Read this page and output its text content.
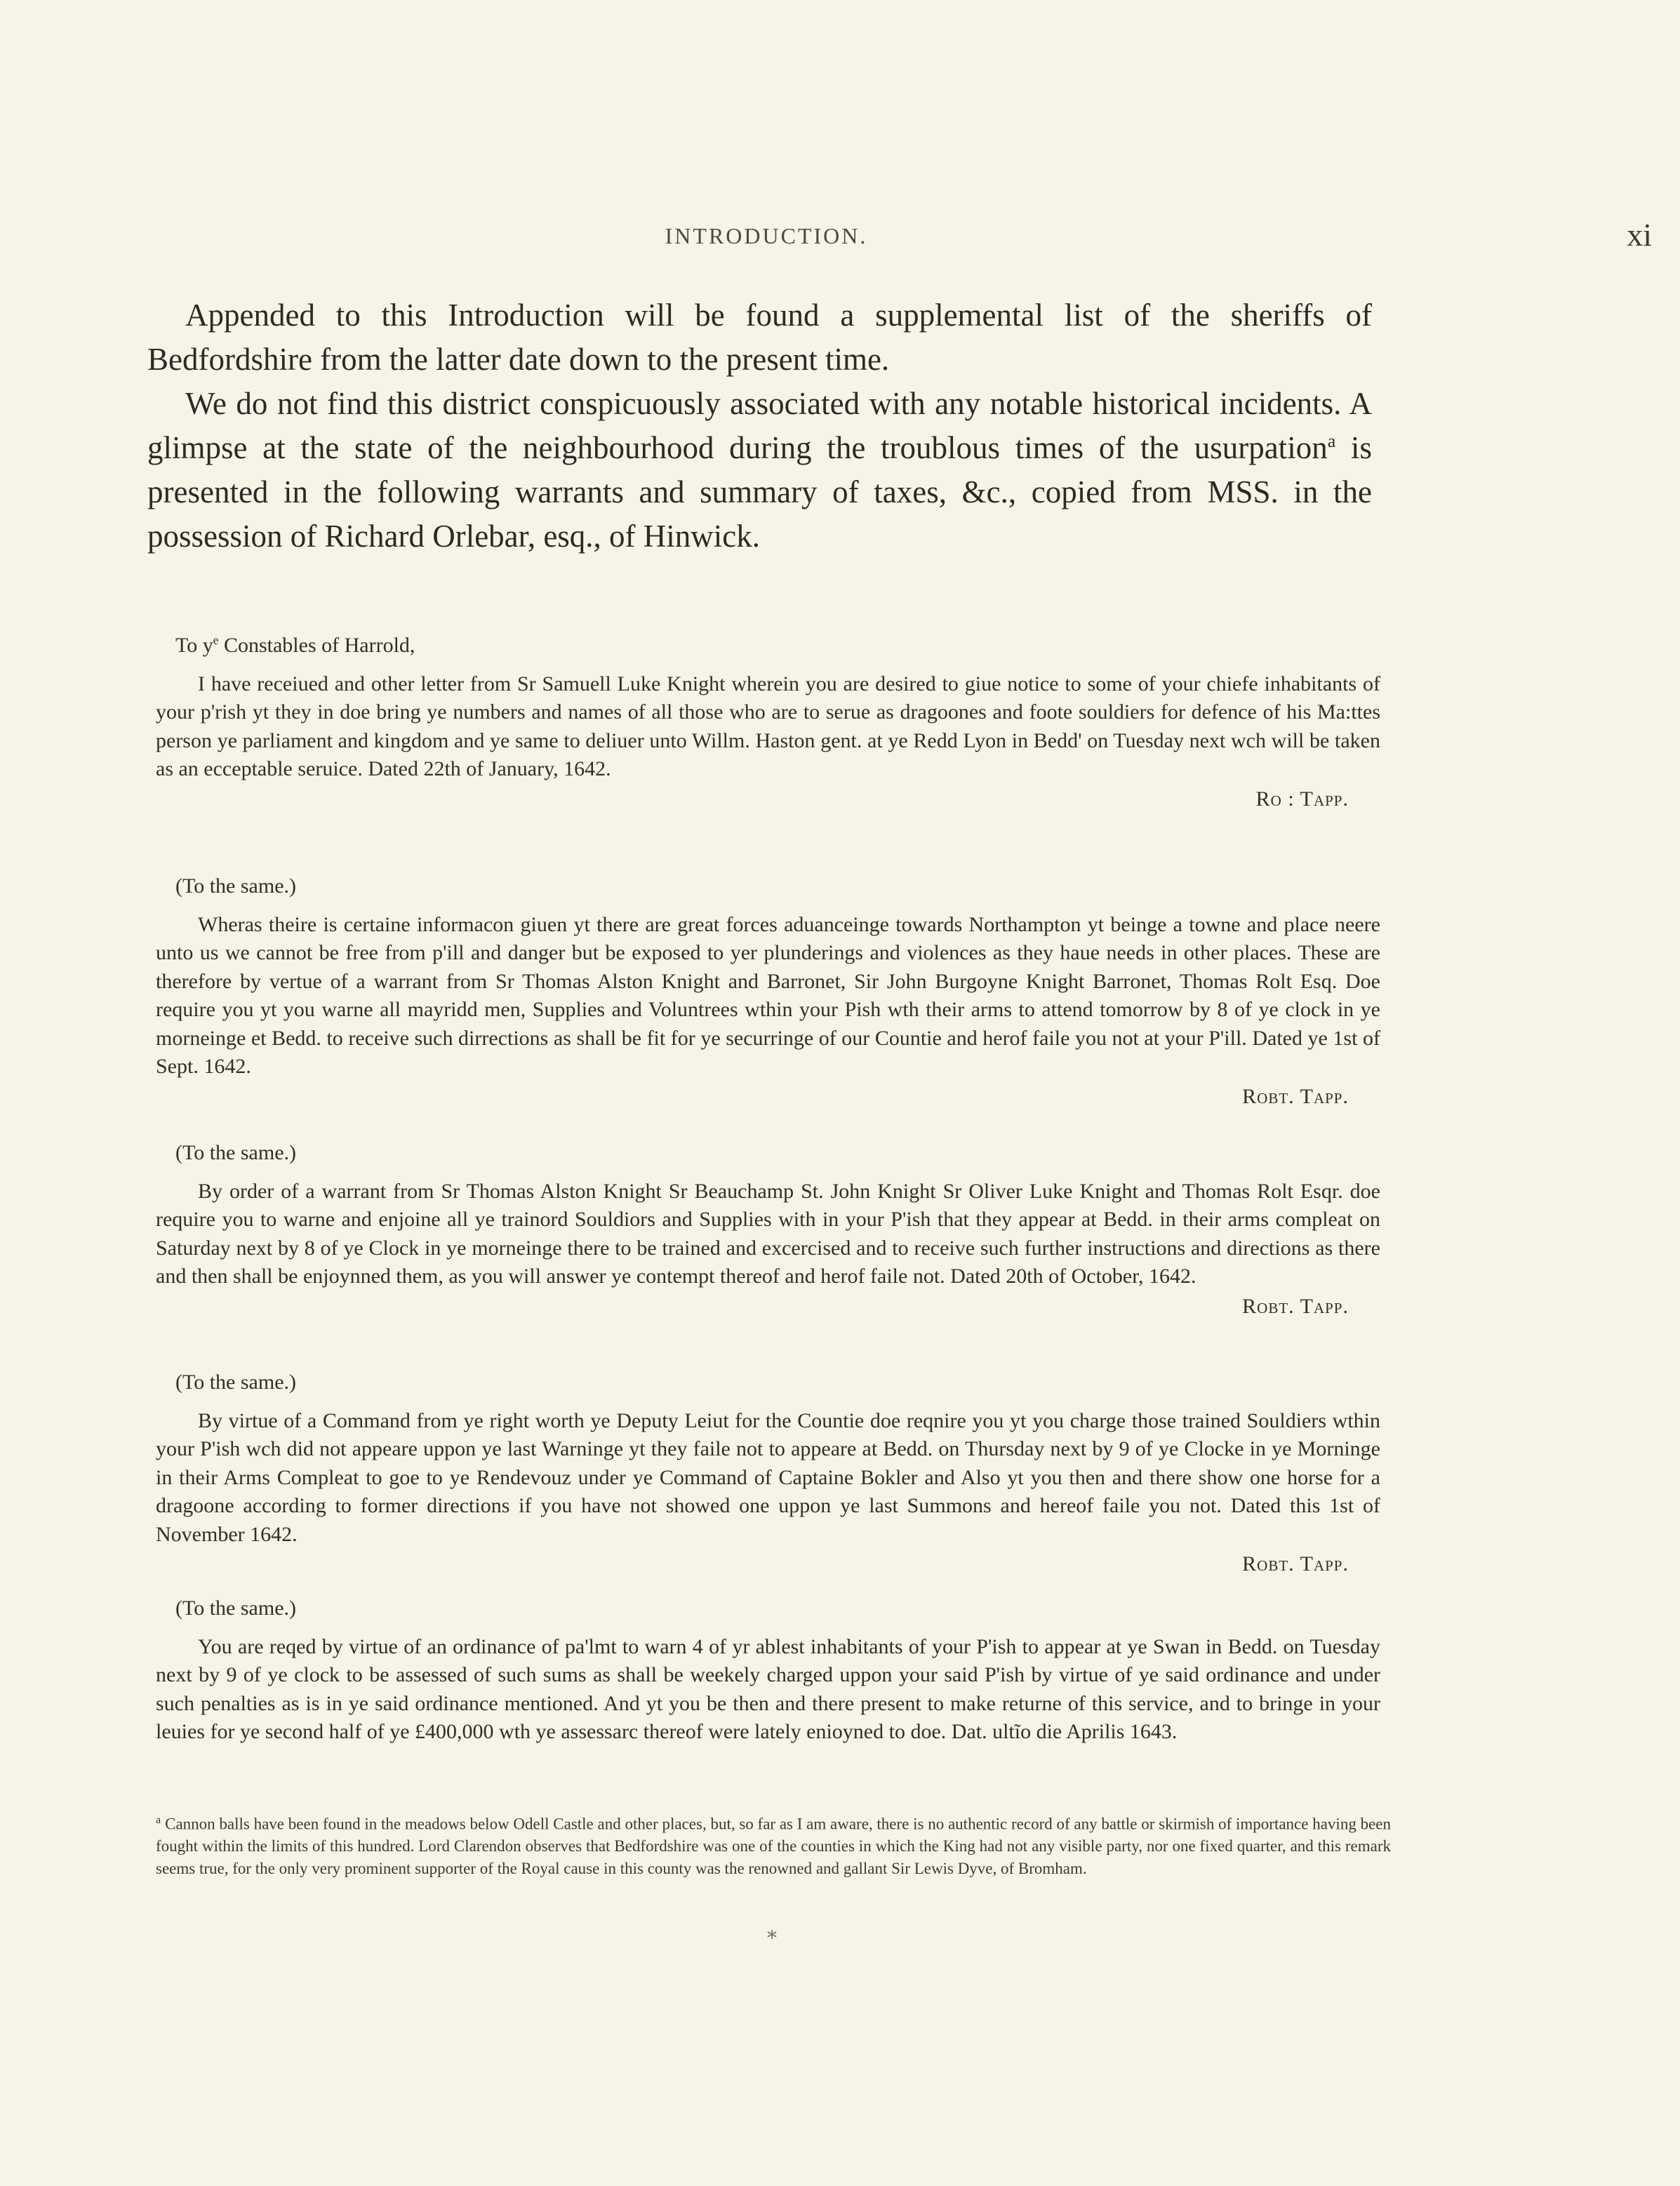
INTRODUCTION.	xi

Appended to this Introduction will be found a supplemental list of the sheriffs of Bedfordshire from the latter date down to the present time.

We do not find this district conspicuously associated with any notable historical incidents. A glimpse at the state of the neighbourhood during the troublous times of the usurpation$^a$ is presented in the following warrants and summary of taxes, &c., copied from MSS. in the possession of Richard Orlebar, esq., of Hinwick.

To $y^e$ Constables of Harrold,

I have receiued and other letter from Sr Samuell Luke Knight wherein you are desired to giue notice to some of your chiefe inhabitants of your p'rish yt they in doe bring ye numbers and names of all those who are to serue as dragoones and foote souldiers for defence of his Ma:ttes person ye parliament and kingdom and ye same to deliuer unto Willm. Haston gent. at ye Redd Lyon in Bedd' on Tuesday next wch will be taken as an ecceptable seruice. Dated 22th of January, 1642.

Ro : Tapp.
(To the same.)

Wheras theire is certaine informacon giuen yt there are great forces aduanceinge towards Northampton yt beinge a towne and place neere unto us we cannot be free from p'ill and danger but be exposed to yer plunderings and violences as they haue needs in other places. These are therefore by vertue of a warrant from Sr Thomas Alston Knight and Barronet, Sir John Burgoyne Knight Barronet, Thomas Rolt Esq. Doe require you yt you warne all mayridd men, Supplies and Voluntrees wthin your Pish wth their arms to attend tomorrow by 8 of ye clock in ye morneinge et Bedd. to receive such dirrections as shall be fit for ye securringe of our Countie and herof faile you not at your P'ill. Dated ye 1st of Sept. 1642.

Robt. Tapp.
(To the same.)

By order of a warrant from Sr Thomas Alston Knight Sr Beauchamp St. John Knight Sr Oliver Luke Knight and Thomas Rolt Esqr. doe require you to warne and enjoine all ye trainord Souldiors and Supplies with in your P'ish that they appear at Bedd. in their arms compleat on Saturday next by 8 of ye Clock in ye morneinge there to be trained and excercised and to receive such further instructions and directions as there and then shall be enjoynned them, as you will answer ye contempt thereof and herof faile not. Dated 20th of October, 1642.

Robt. Tapp.
(To the same.)

By virtue of a Command from ye right worth ye Deputy Leiut for the Countie doe reqnire you yt you charge those trained Souldiers wthin your P'ish wch did not appeare uppon ye last Warninge yt they faile not to appeare at Bedd. on Thursday next by 9 of ye Clocke in ye Morninge in their Arms Compleat to goe to ye Rendevouz under ye Command of Captaine Bokler and Also yt you then and there show one horse for a dragoone according to former directions if you have not showed one uppon ye last Summons and hereof faile you not. Dated this 1st of November 1642.

Robt. Tapp.
(To the same.)

You are reqed by virtue of an ordinance of pa'lmt to warn 4 of yr ablest inhabitants of your P'ish to appear at ye Swan in Bedd. on Tuesday next by 9 of ye clock to be assessed of such sums as shall be weekely charged uppon your said P'ish by virtue of ye said ordinance and under such penalties as is in ye said ordinance mentioned. And yt you be then and there present to make returne of this service, and to bringe in your leuies for ye second half of ye £400,000 wth ye assessarc thereof were lately enioyned to doe. Dat. ultĩo die Aprilis 1643.

$^a$ Cannon balls have been found in the meadows below Odell Castle and other places, but, so far as I am aware, there is no authentic record of any battle or skirmish of importance having been fought within the limits of this hundred. Lord Clarendon observes that Bedfordshire was one of the counties in which the King had not any visible party, nor one fixed quarter, and this remark seems true, for the only very prominent supporter of the Royal cause in this county was the renowned and gallant Sir Lewis Dyve, of Bromham.
*
